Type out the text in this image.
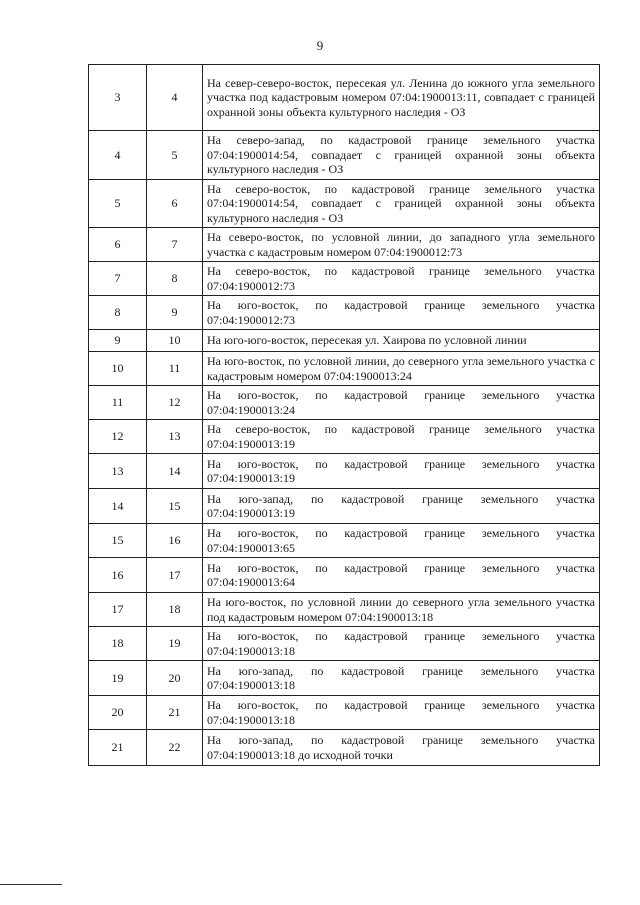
9
3	4	На север-северо-восток, пересекая ул. Ленина до южного угла земельного участка под кадастровым номером 07:04:1900013:11, совпадает с границей охранной зоны объекта культурного наследия - ОЗ
4	5	На северо-запад, по кадастровой границе земельного участка 07:04:1900014:54, совпадает с границей охранной зоны объекта культурного наследия - ОЗ
5	6	На северо-восток, по кадастровой границе земельного участка 07:04:1900014:54, совпадает с границей охранной зоны объекта культурного наследия - ОЗ
6	7	На северо-восток, по условной линии, до западного угла земельного участка с кадастровым номером 07:04:1900012:73
7	8	На северо-восток, по кадастровой границе земельного участка 07:04:1900012:73
8	9	На юго-восток, по кадастровой границе земельного участка 07:04:1900012:73
9	10	На юго-юго-восток, пересекая ул. Хаирова по условной линии
10	11	На юго-восток, по условной линии, до северного угла земельного участка с кадастровым номером 07:04:1900013:24
11	12	На юго-восток, по кадастровой границе земельного участка 07:04:1900013:24
12	13	На северо-восток, по кадастровой границе земельного участка 07:04:1900013:19
13	14	На юго-восток, по кадастровой границе земельного участка 07:04:1900013:19
14	15	На юго-запад, по кадастровой границе земельного участка 07:04:1900013:19
15	16	На юго-восток, по кадастровой границе земельного участка 07:04:1900013:65
16	17	На юго-восток, по кадастровой границе земельного участка 07:04:1900013:64
17	18	На юго-восток, по условной линии до северного угла земельного участка под кадастровым номером 07:04:1900013:18
18	19	На юго-восток, по кадастровой границе земельного участка 07:04:1900013:18
19	20	На юго-запад, по кадастровой границе земельного участка 07:04:1900013:18
20	21	На юго-восток, по кадастровой границе земельного участка 07:04:1900013:18
21	22	На юго-запад, по кадастровой границе земельного участка 07:04:1900013:18 до исходной точки
